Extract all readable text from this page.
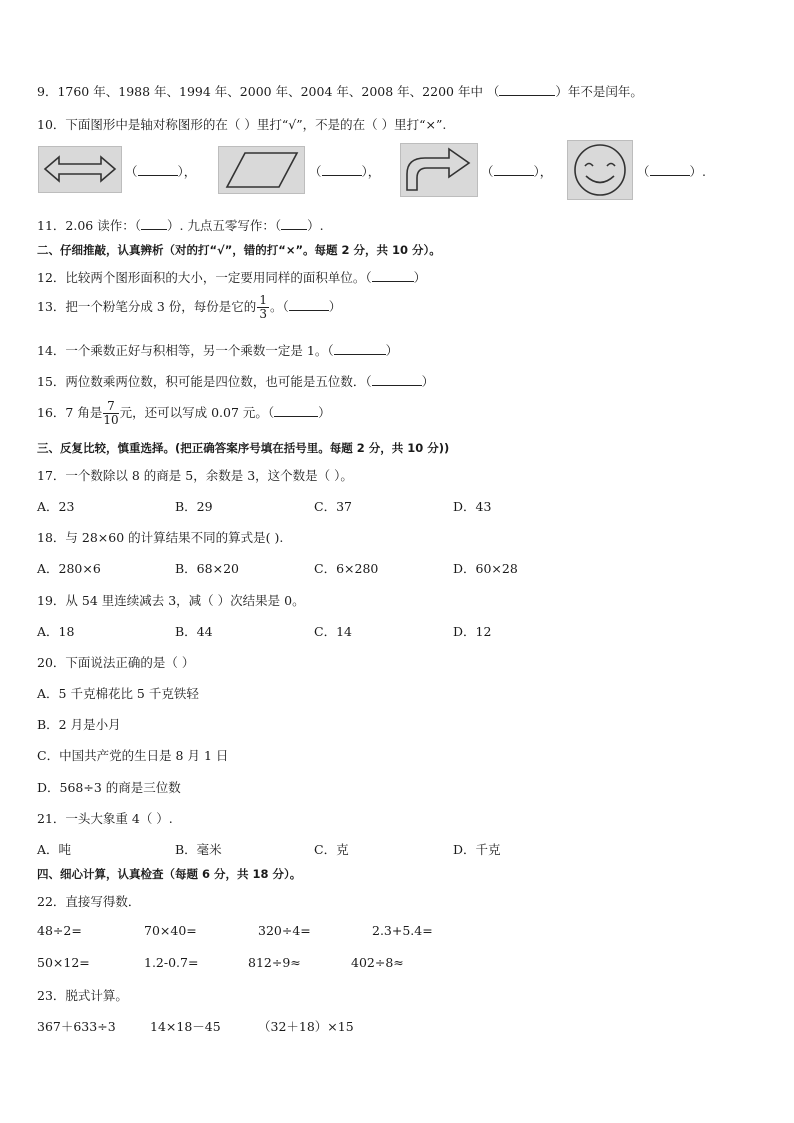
9．1760 年、1988 年、1994 年、2000 年、2004 年、2008 年、2200 年中 （	）年不是闰年。
10．下面图形中是轴对称图形的在（ ）里打“√”，不是的在（ ）里打“×”.
（	），	（	），	（	），	（	）.
11．2.06 读作：（ ）. 九点五零写作：（ ）.
二、仔细推敲，认真辨析（对的打“√”，错的打“×”。每题 2 分，共 10 分）。
12．比较两个图形面积的大小，一定要用同样的面积单位。（	）
13．把一个粉笔分成 3 份，每份是它的 $\frac{1}{3}$ 。（	）
14．一个乘数正好与积相等，另一个乘数一定是 1。（	）
15．两位数乘两位数，积可能是四位数，也可能是五位数．（	）
16．7 角是 $\frac{7}{10}$ 元，还可以写成 0.07 元。（	）
三、反复比较，慎重选择。(把正确答案序号填在括号里。每题 2 分，共 10 分))
17．一个数除以 8 的商是 5，余数是 3，这个数是（ ）。
A．23	B．29	C．37	D．43
18．与 28×60 的计算结果不同的算式是( ).
A．280×6	B．68×20	C．6×280	D．60×28
19．从 54 里连续减去 3，减（ ）次结果是 0。
A．18	B．44	C．14	D．12
20．下面说法正确的是（ ）
A．5 千克棉花比 5 千克铁轻
B．2 月是小月
C．中国共产党的生日是 8 月 1 日
D．568÷3 的商是三位数
21．一头大象重 4（ ）.
A．吨	B．毫米	C．克	D．千克
四、细心计算，认真检查（每题 6 分，共 18 分）。
22．直接写得数．
48÷2=	70×40=	320÷4=	2.3+5.4=
50×12=	1.2-0.7=	812÷9≈	402÷8≈
23．脱式计算。
367＋633÷3	14×18－45	（32＋18）×15
